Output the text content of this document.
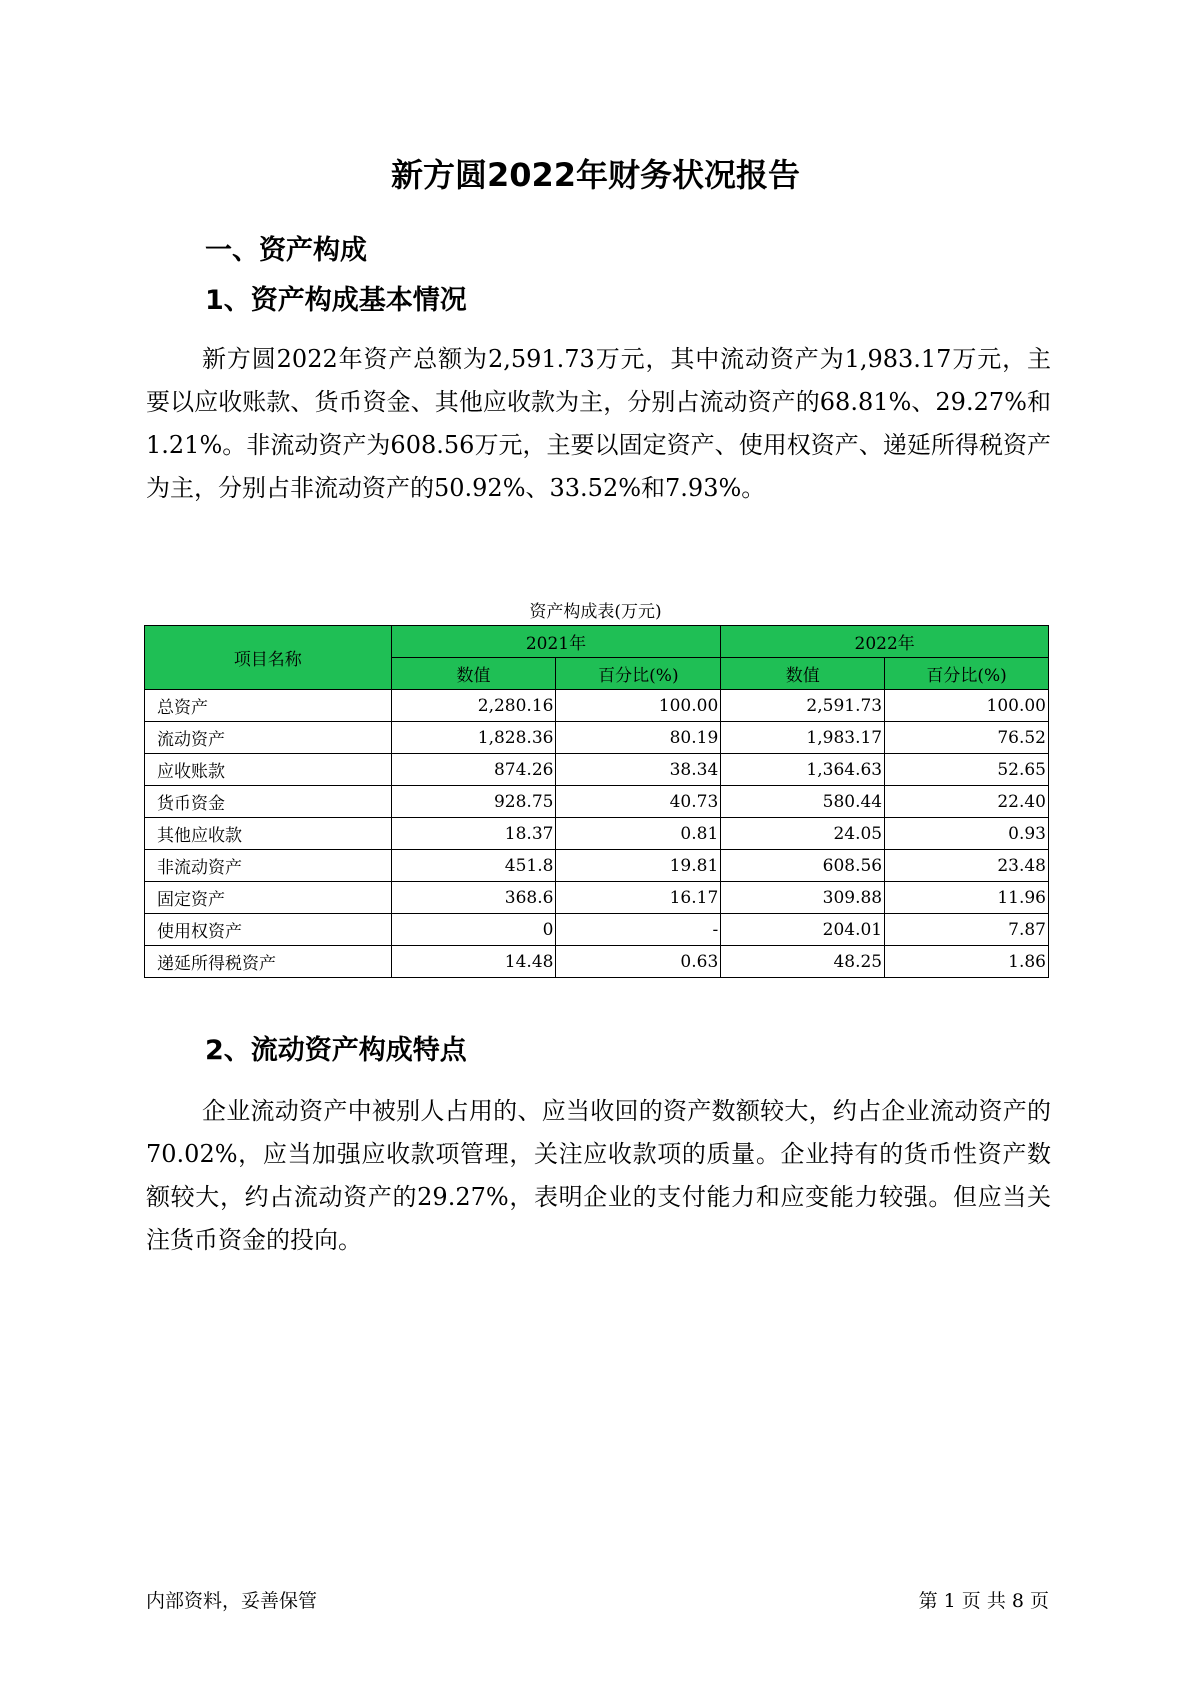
新方圆2022年财务状况报告
一、资产构成
1、资产构成基本情况
新方圆2022年资产总额为2,591.73万元，其中流动资产为1,983.17万元，主要以应收账款、货币资金、其他应收款为主，分别占流动资产的68.81%、29.27%和1.21%。非流动资产为608.56万元，主要以固定资产、使用权资产、递延所得税资产为主，分别占非流动资产的50.92%、33.52%和7.93%。
资产构成表(万元)
项目名称	2021年		2022年	
	数值	百分比(%)	数值	百分比(%)
总资产	2,280.16	100.00	2,591.73	100.00
流动资产	1,828.36	80.19	1,983.17	76.52
应收账款	874.26	38.34	1,364.63	52.65
货币资金	928.75	40.73	580.44	22.40
其他应收款	18.37	0.81	24.05	0.93
非流动资产	451.8	19.81	608.56	23.48
固定资产	368.6	16.17	309.88	11.96
使用权资产	0	-	204.01	7.87
递延所得税资产	14.48	0.63	48.25	1.86
2、流动资产构成特点
企业流动资产中被别人占用的、应当收回的资产数额较大，约占企业流动资产的70.02%，应当加强应收款项管理，关注应收款项的质量。企业持有的货币性资产数额较大，约占流动资产的29.27%，表明企业的支付能力和应变能力较强。但应当关注货币资金的投向。
内部资料，妥善保管	第 1 页 共 8 页
